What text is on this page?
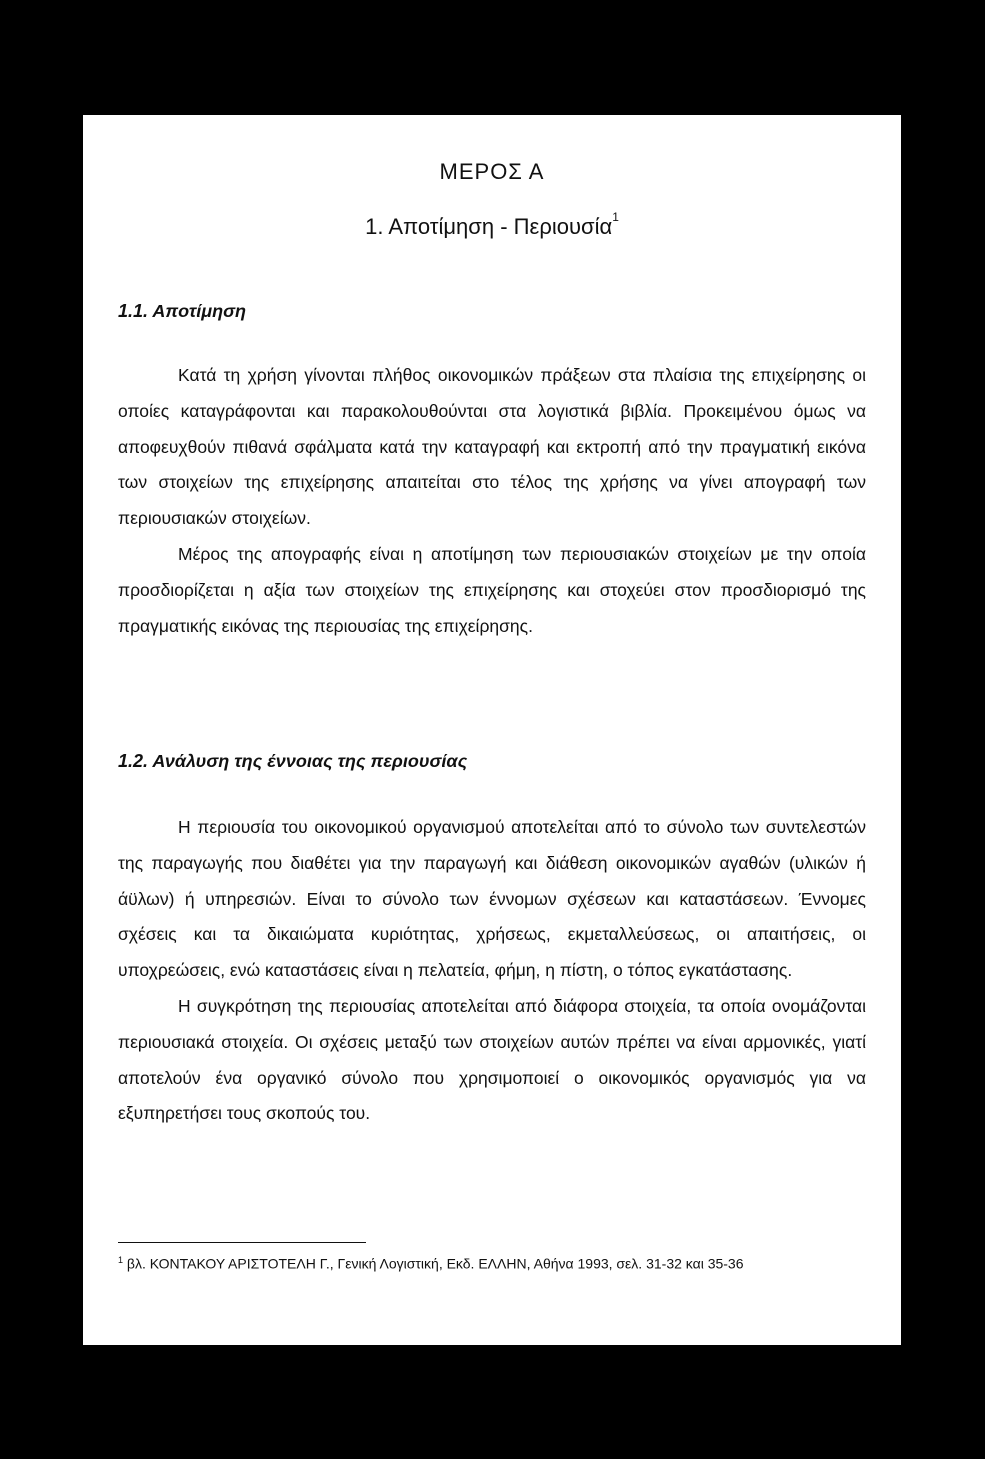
ΜΕΡΟΣ Α
1. Αποτίμηση - Περιουσία$^1$
1.1. Αποτίμηση

Κατά τη χρήση γίνονται πλήθος οικονομικών πράξεων στα πλαίσια της επιχείρησης οι οποίες καταγράφονται και παρακολουθούνται στα λογιστικά βιβλία. Προκειμένου όμως να αποφευχθούν πιθανά σφάλματα κατά την καταγραφή και εκτροπή από την πραγματική εικόνα των στοιχείων της επιχείρησης απαιτείται στο τέλος της χρήσης να γίνει απογραφή των περιουσιακών στοιχείων.

Μέρος της απογραφής είναι η αποτίμηση των περιουσιακών στοιχείων με την οποία προσδιορίζεται η αξία των στοιχείων της επιχείρησης και στοχεύει στον προσδιορισμό της πραγματικής εικόνας της περιουσίας της επιχείρησης.

1.2. Ανάλυση της έννοιας της περιουσίας

Η περιουσία του οικονομικού οργανισμού αποτελείται από το σύνολο των συντελεστών της παραγωγής που διαθέτει για την παραγωγή και διάθεση οικονομικών αγαθών (υλικών ή άϋλων) ή υπηρεσιών. Είναι το σύνολο των έννομων σχέσεων και καταστάσεων. Έννομες σχέσεις και τα δικαιώματα κυριότητας, χρήσεως, εκμεταλλεύσεως, οι απαιτήσεις, οι υποχρεώσεις, ενώ καταστάσεις είναι η πελατεία, φήμη, η πίστη, ο τόπος εγκατάστασης.

Η συγκρότηση της περιουσίας αποτελείται από διάφορα στοιχεία, τα οποία ονομάζονται περιουσιακά στοιχεία. Οι σχέσεις μεταξύ των στοιχείων αυτών πρέπει να είναι αρμονικές, γιατί αποτελούν ένα οργανικό σύνολο που χρησιμοποιεί ο οικονομικός οργανισμός για να εξυπηρετήσει τους σκοπούς του.

$^1$ βλ. ΚΟΝΤΑΚΟΥ ΑΡΙΣΤΟΤΕΛΗ Γ., Γενική Λογιστική, Εκδ. ΕΛΛΗΝ, Αθήνα 1993, σελ. 31-32 και 35-36
